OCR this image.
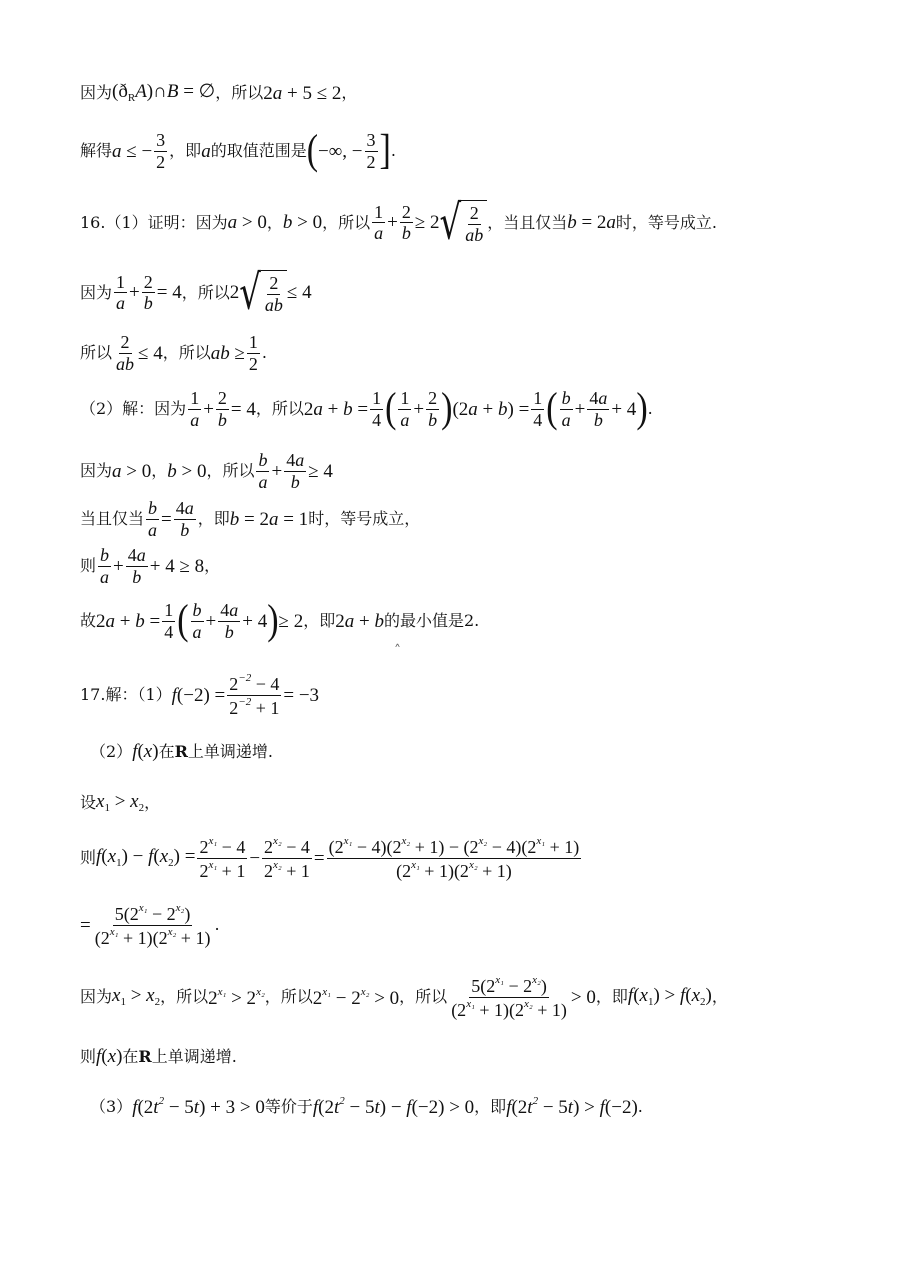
因为 $(ð_RA)\cap B$ = ∅ ，所以 2a + 5 ≤ 2 ，
解得 a ≤ − $\frac{3}{2}$ ，即 a 的取值范围是 ( −∞, − $\frac{3}{2}$ ] .
16.（1）证明：因为 a > 0 ， b > 0 ，所以 $\frac{1}{a} + \frac{2}{b} \ge 2$ √ $\frac{2}{ab}$ ，当且仅当 b = 2a 时，等号成立.
因为 $\frac{1}{a} + \frac{2}{b} = 4$ ，所以 2 √ $\frac{2}{ab} \le 4$
所以 $\frac{2}{ab} \le 4$ ，所以 ab ≥ $\frac{1}{2}$ .
（2）解：因为 $\frac{1}{a} + \frac{2}{b} = 4$ ，所以 $2a + b = \frac{1}{4}$ ( $\frac{1}{a} + \frac{2}{b}$ ) $(2a + b) = \frac{1}{4}$ ( $\frac{b}{a} + \frac{4a}{b} + 4$ ) .
因为 a > 0 ， b > 0 ，所以 $\frac{b}{a} + \frac{4a}{b} \ge 4$
当且仅当 $\frac{b}{a} = \frac{4a}{b}$ ，即 b = 2a = 1 时，等号成立，
则 $\frac{b}{a} + \frac{4a}{b} + 4 \ge 8$ ，
故 $2a + b = \frac{1}{4}$ ( $\frac{b}{a} + \frac{4a}{b} + 4$ ) ≥ 2 ，即 2a + b 的最小值是2.
˄
17.解：（1） $f(-2) = \frac{2^{-2} - 4}{2^{-2} + 1} = -3$
（2） f(x) 在 R 上单调递增.
设 $x_1 > x_2$ ，
则 $f(x_1) - f(x_2) = \frac{2^{x_1} - 4}{2^{x_1} + 1} - \frac{2^{x_2} - 4}{2^{x_2} + 1} = \frac{(2^{x_1} - 4)(2^{x_2} + 1) - (2^{x_2} - 4)(2^{x_1} + 1)}{(2^{x_1} + 1)(2^{x_2} + 1)}$
= $\frac{5(2^{x_1} - 2^{x_2})}{(2^{x_1} + 1)(2^{x_2} + 1)}$ .
因为 $x_1 > x_2$ ，所以 $2^{x_1} > 2^{x_2}$ ，所以 $2^{x_1} - 2^{x_2} > 0$ ，所以 $\frac{5(2^{x_1} - 2^{x_2})}{(2^{x_1} + 1)(2^{x_2} + 1)} > 0$ ，即 $f(x_1) > f(x_2)$ ，
则 f(x) 在 R 上单调递增.
（3） $f(2t^2 - 5t) + 3 > 0$ 等价于 $f(2t^2 - 5t) - f(-2) > 0$ ，即 $f(2t^2 - 5t) > f(-2)$ .
